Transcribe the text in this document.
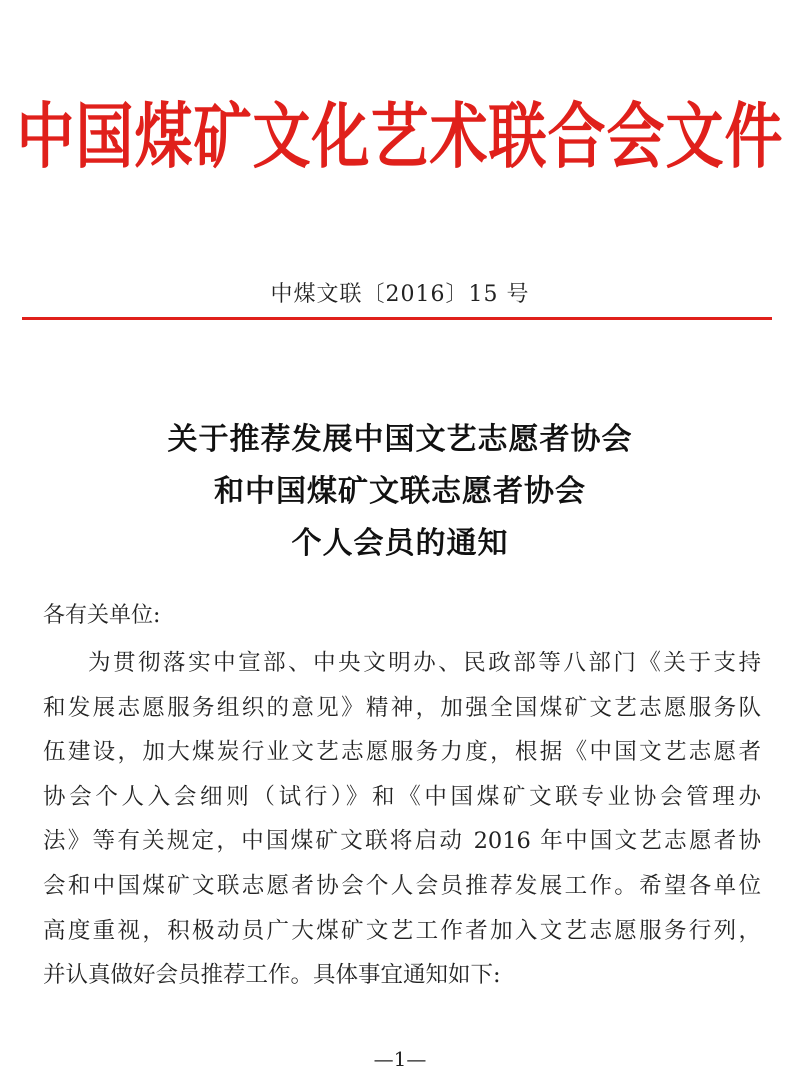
中国煤矿文化艺术联合会文件
中煤文联〔2016〕15 号
关于推荐发展中国文艺志愿者协会
和中国煤矿文联志愿者协会
个人会员的通知
各有关单位:
为贯彻落实中宣部、中央文明办、民政部等八部门《关于支持
和发展志愿服务组织的意见》精神，加强全国煤矿文艺志愿服务队
伍建设，加大煤炭行业文艺志愿服务力度，根据《中国文艺志愿者
协会个人入会细则（试行）》和《中国煤矿文联专业协会管理办
法》等有关规定，中国煤矿文联将启动 2016 年中国文艺志愿者协
会和中国煤矿文联志愿者协会个人会员推荐发展工作。希望各单位
高度重视，积极动员广大煤矿文艺工作者加入文艺志愿服务行列，
并认真做好会员推荐工作。具体事宜通知如下:
—1—
